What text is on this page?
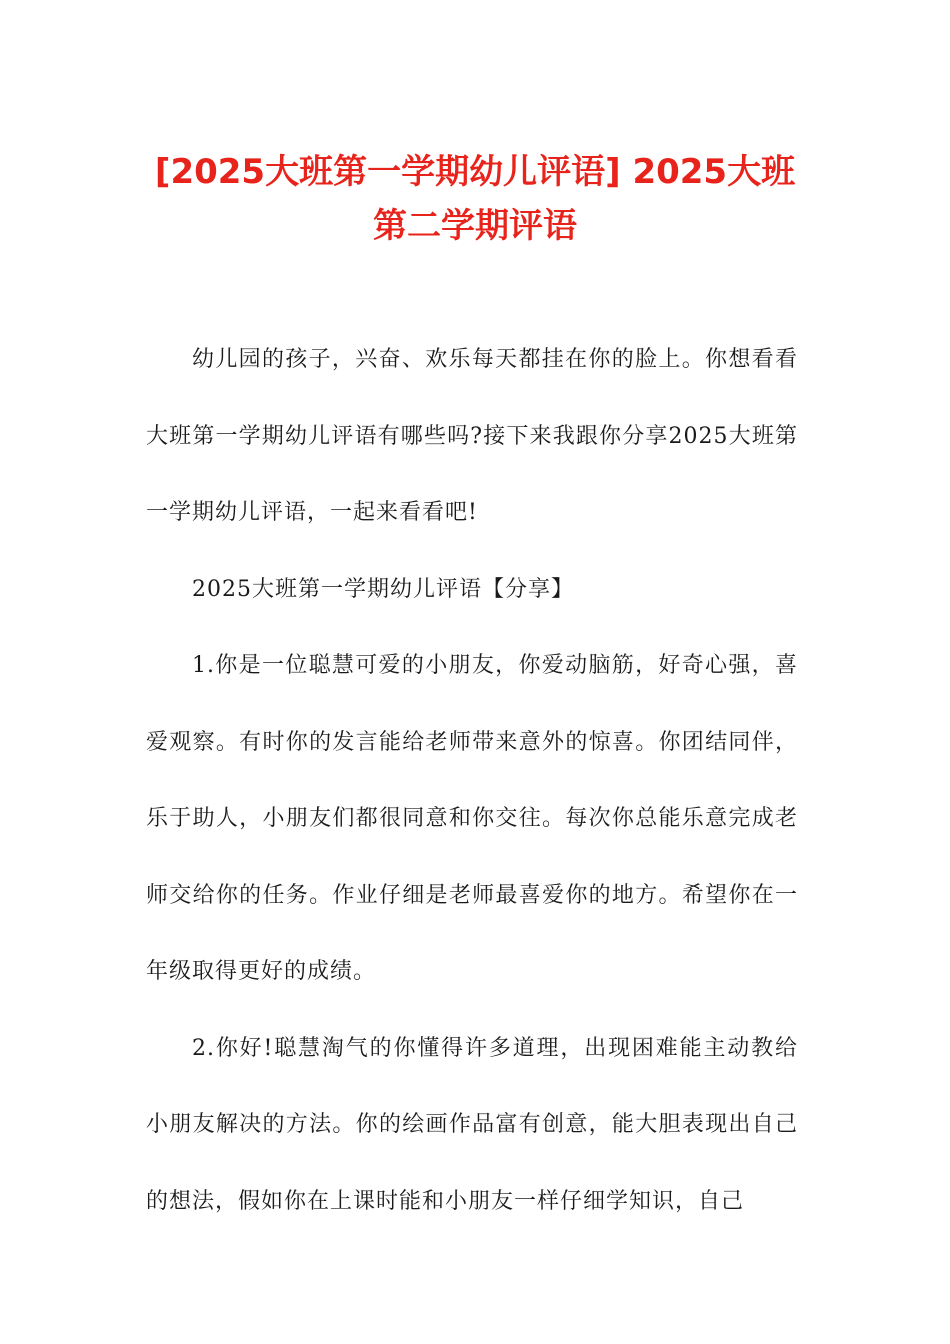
[2025大班第一学期幼儿评语] 2025大班第二学期评语

幼儿园的孩子，兴奋、欢乐每天都挂在你的脸上。你想看看大班第一学期幼儿评语有哪些吗?接下来我跟你分享2025大班第一学期幼儿评语，一起来看看吧!

2025大班第一学期幼儿评语【分享】

1.你是一位聪慧可爱的小朋友，你爱动脑筋，好奇心强，喜爱观察。有时你的发言能给老师带来意外的惊喜。你团结同伴，乐于助人，小朋友们都很同意和你交往。每次你总能乐意完成老师交给你的任务。作业仔细是老师最喜爱你的地方。希望你在一年级取得更好的成绩。

2.你好!聪慧淘气的你懂得许多道理，出现困难能主动教给小朋友解决的方法。你的绘画作品富有创意，能大胆表现出自己的想法，假如你在上课时能和小朋友一样仔细学知识，自己
